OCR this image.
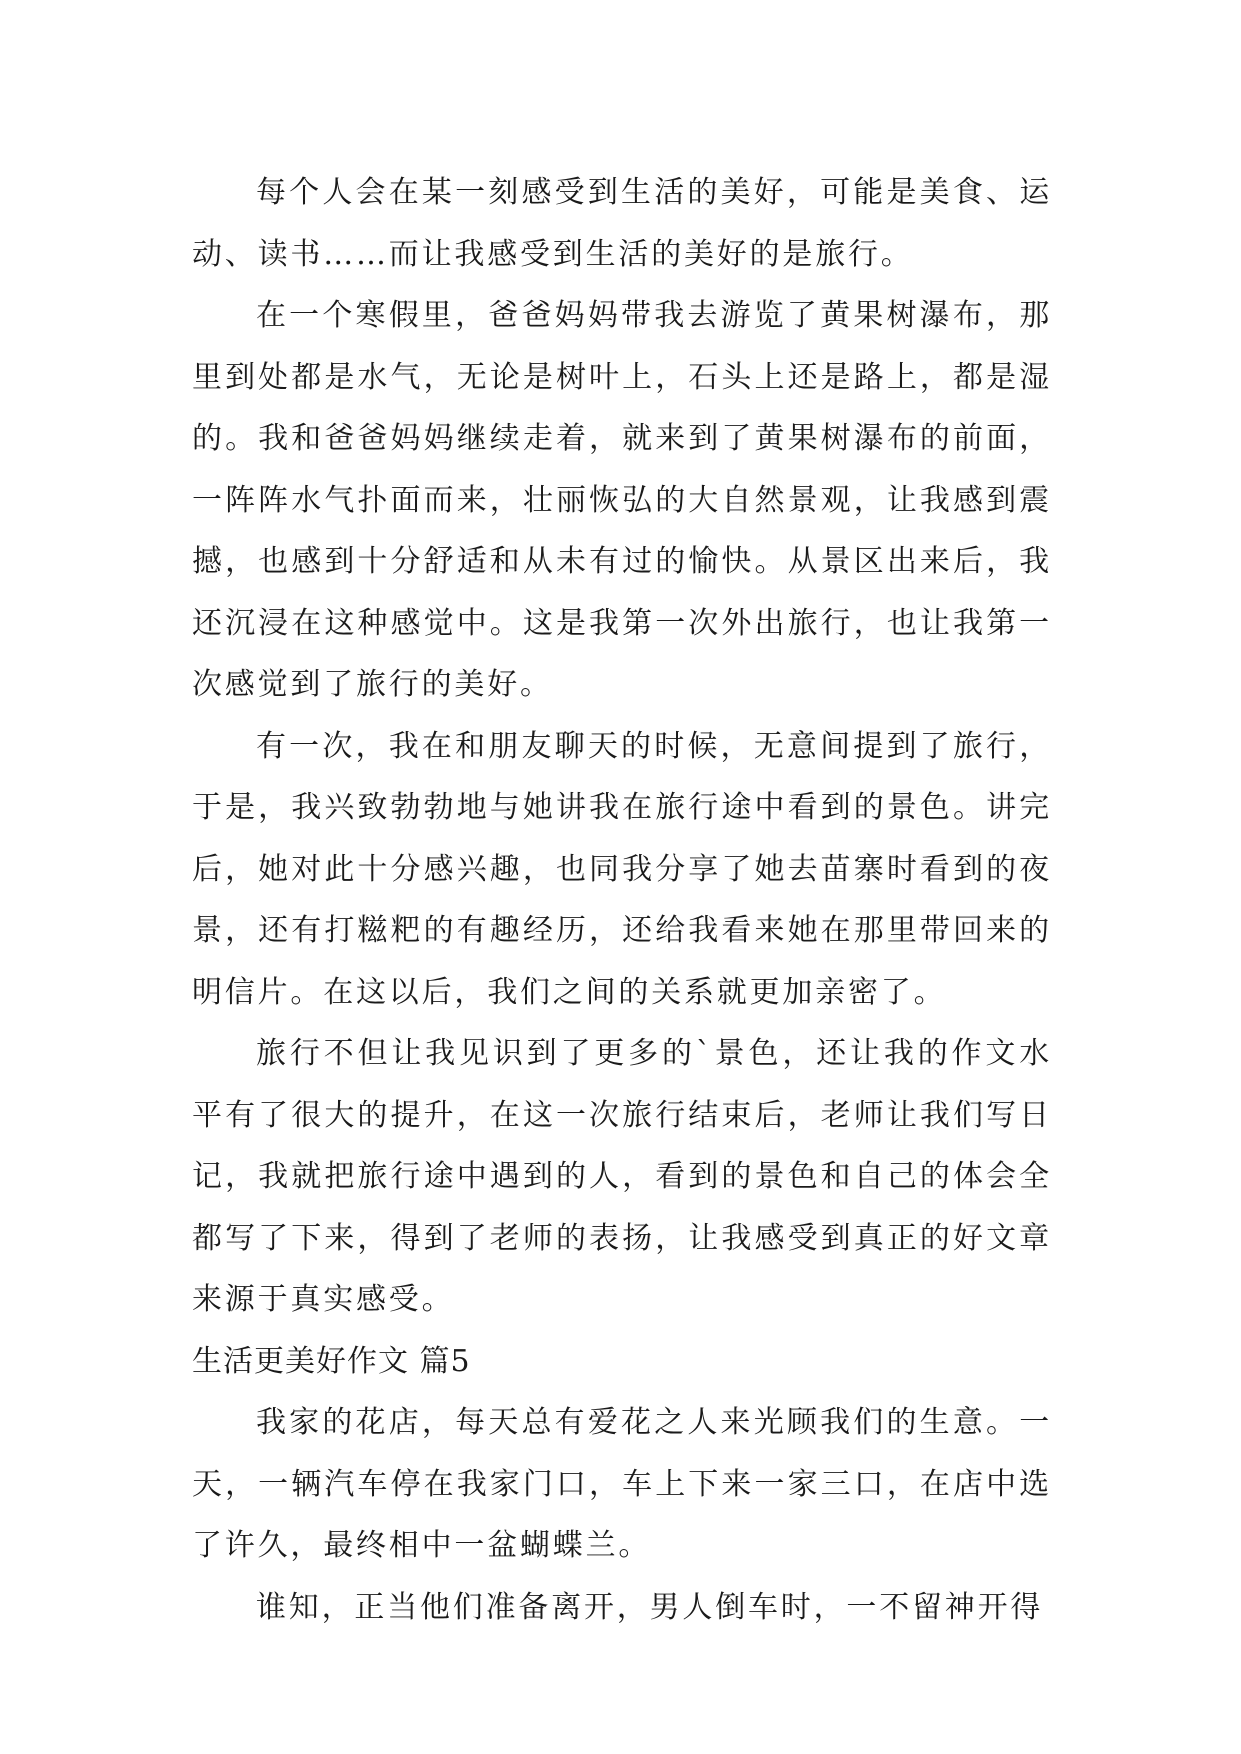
每个人会在某一刻感受到生活的美好，可能是美食、运动、读书……而让我感受到生活的美好的是旅行。

在一个寒假里，爸爸妈妈带我去游览了黄果树瀑布，那里到处都是水气，无论是树叶上，石头上还是路上，都是湿的。我和爸爸妈妈继续走着，就来到了黄果树瀑布的前面，一阵阵水气扑面而来，壮丽恢弘的大自然景观，让我感到震撼，也感到十分舒适和从未有过的愉快。从景区出来后，我还沉浸在这种感觉中。这是我第一次外出旅行，也让我第一次感觉到了旅行的美好。

有一次，我在和朋友聊天的时候，无意间提到了旅行，于是，我兴致勃勃地与她讲我在旅行途中看到的景色。讲完后，她对此十分感兴趣，也同我分享了她去苗寨时看到的夜景，还有打糍粑的有趣经历，还给我看来她在那里带回来的明信片。在这以后，我们之间的关系就更加亲密了。

旅行不但让我见识到了更多的`景色，还让我的作文水平有了很大的提升，在这一次旅行结束后，老师让我们写日记，我就把旅行途中遇到的人，看到的景色和自己的体会全都写了下来，得到了老师的表扬，让我感受到真正的好文章来源于真实感受。

生活更美好作文 篇5

我家的花店，每天总有爱花之人来光顾我们的生意。一天，一辆汽车停在我家门口，车上下来一家三口，在店中选了许久，最终相中一盆蝴蝶兰。

谁知，正当他们准备离开，男人倒车时，一不留神开得
